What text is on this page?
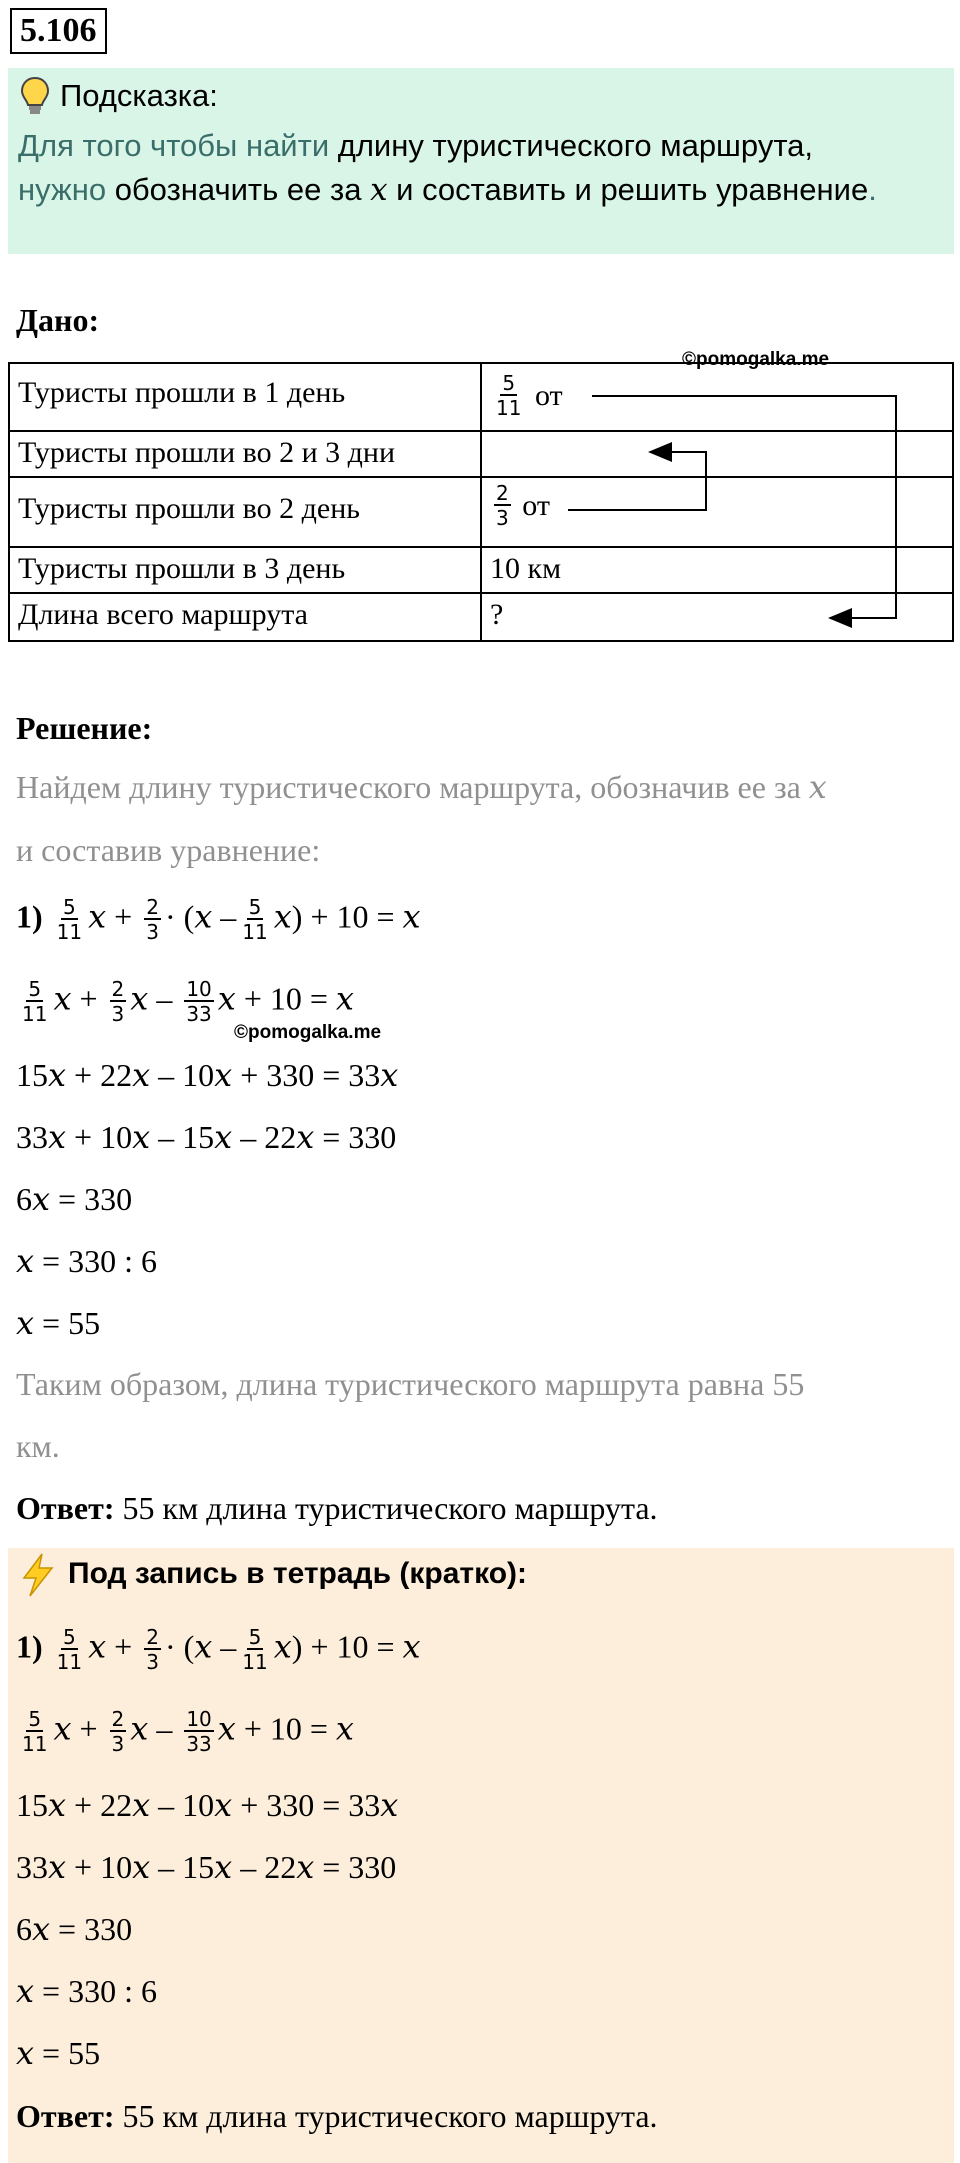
5.106
Подсказка:
Для того чтобы найти длину туристического маршрута,
нужно обозначить ее за x и составить и решить уравнение.
Дано:
©pomogalka.me
Туристы прошли в 1 день	$\frac{5}{11}$ от
Туристы прошли во 2 и 3 дни
Туристы прошли во 2 день	$\frac{2}{3}$ от
Туристы прошли в 3 день	10 км
Длина всего маршрута	?
Решение:
Найдем длину туристического маршрута, обозначив ее за x
и составив уравнение:
$1) \frac{5}{11}$ $x + \frac{2}{3} \cdot (x - \frac{5}{11} x) + 10 = x$
$\frac{5}{11}$ $x + \frac{2}{3}$ x – $\frac{10}{33}$ x + 10 = x
©pomogalka.me
15x + 22x – 10x + 330 = 33x
33x + 10x – 15x – 22x = 330
6x = 330
x = 330 : 6
x = 55
Таким образом, длина туристического маршрута равна 55
км.
Ответ: 55 км длина туристического маршрута.
Под запись в тетрадь (кратко):
$1) \frac{5}{11}$ $x + \frac{2}{3} \cdot (x - \frac{5}{11} x) + 10 = x$
$\frac{5}{11}$ $x + \frac{2}{3}$ x – $\frac{10}{33}$ x + 10 = x
15x + 22x – 10x + 330 = 33x
33x + 10x – 15x – 22x = 330
6x = 330
x = 330 : 6
x = 55
Ответ: 55 км длина туристического маршрута.
